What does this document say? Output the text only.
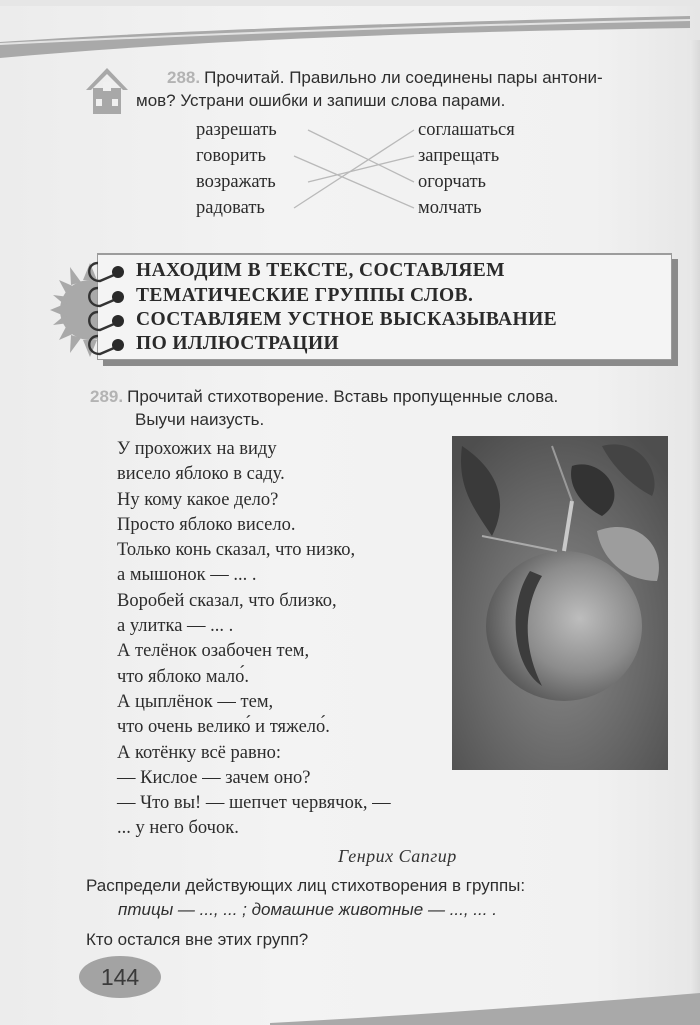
288. Прочитай. Правильно ли соединены пары антони-
мов? Устрани ошибки и запиши слова парами.
разрешать
говорить
возражать
радовать
соглашаться
запрещать
огорчать
молчать
НАХОДИМ В ТЕКСТЕ, СОСТАВЛЯЕМ
ТЕМАТИЧЕСКИЕ ГРУППЫ СЛОВ.
СОСТАВЛЯЕМ УСТНОЕ ВЫСКАЗЫВАНИЕ
ПО ИЛЛЮСТРАЦИИ
289. Прочитай стихотворение. Вставь пропущенные слова.
Выучи наизусть.
У прохожих на виду
висело яблоко в саду.
Ну кому какое дело?
Просто яблоко висело.
Только конь сказал, что низко,
а мышонок — ... .
Воробей сказал, что близко,
а улитка — ... .
А телёнок озабочен тем,
что яблоко мало́.
А цыплёнок — тем,
что очень велико́ и тяжело́.
А котёнку всё равно:
— Кислое — зачем оно?
— Что вы! — шепчет червячок, —
... у него бочок.
Генрих Сапгир
Распредели действующих лиц стихотворения в группы:
птицы — ..., ... ; домашние животные — ..., ... .
Кто остался вне этих групп?
144
